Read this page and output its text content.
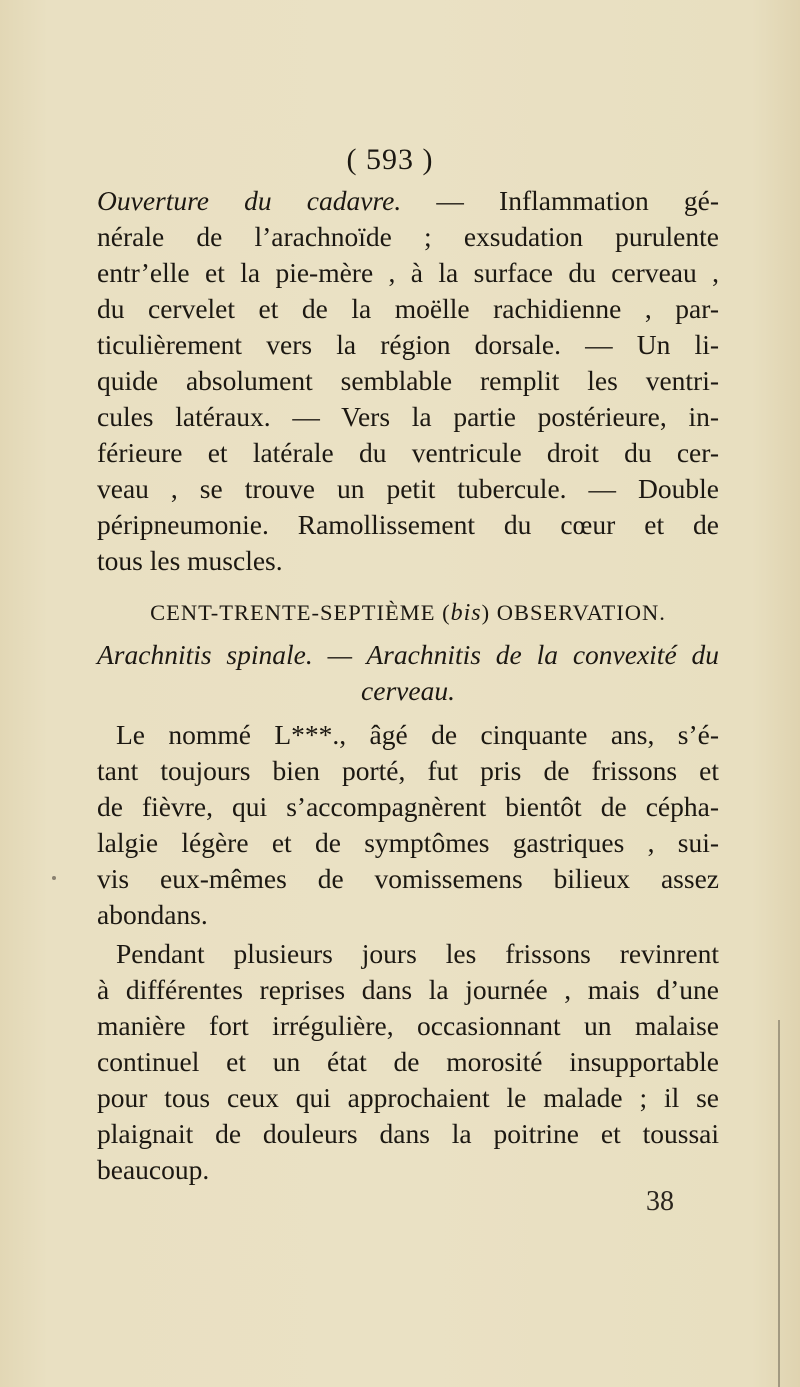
( 593 )
Ouverture du cadavre. — Inflammation gé-
nérale de l’arachnoïde ; exsudation purulente
entr’elle et la pie-mère , à la surface du cerveau ,
du cervelet et de la moëlle rachidienne , par-
ticulièrement vers la région dorsale. — Un li-
quide absolument semblable remplit les ventri-
cules latéraux. — Vers la partie postérieure, in-
férieure et latérale du ventricule droit du cer-
veau , se trouve un petit tubercule. — Double
péripneumonie. Ramollissement du cœur et de
tous les muscles.
CENT-TRENTE-SEPTIÈME (bis) OBSERVATION.
Arachnitis spinale. — Arachnitis de la convexité du
cerveau.
Le nommé L***., âgé de cinquante ans, s’é-
tant toujours bien porté, fut pris de frissons et
de fièvre, qui s’accompagnèrent bientôt de cépha-
lalgie légère et de symptômes gastriques , sui-
vis eux-mêmes de vomissemens bilieux assez
abondans.
Pendant plusieurs jours les frissons revinrent
à différentes reprises dans la journée , mais d’une
manière fort irrégulière, occasionnant un malaise
continuel et un état de morosité insupportable
pour tous ceux qui approchaient le malade ; il se
plaignait de douleurs dans la poitrine et toussai
beaucoup.
38
